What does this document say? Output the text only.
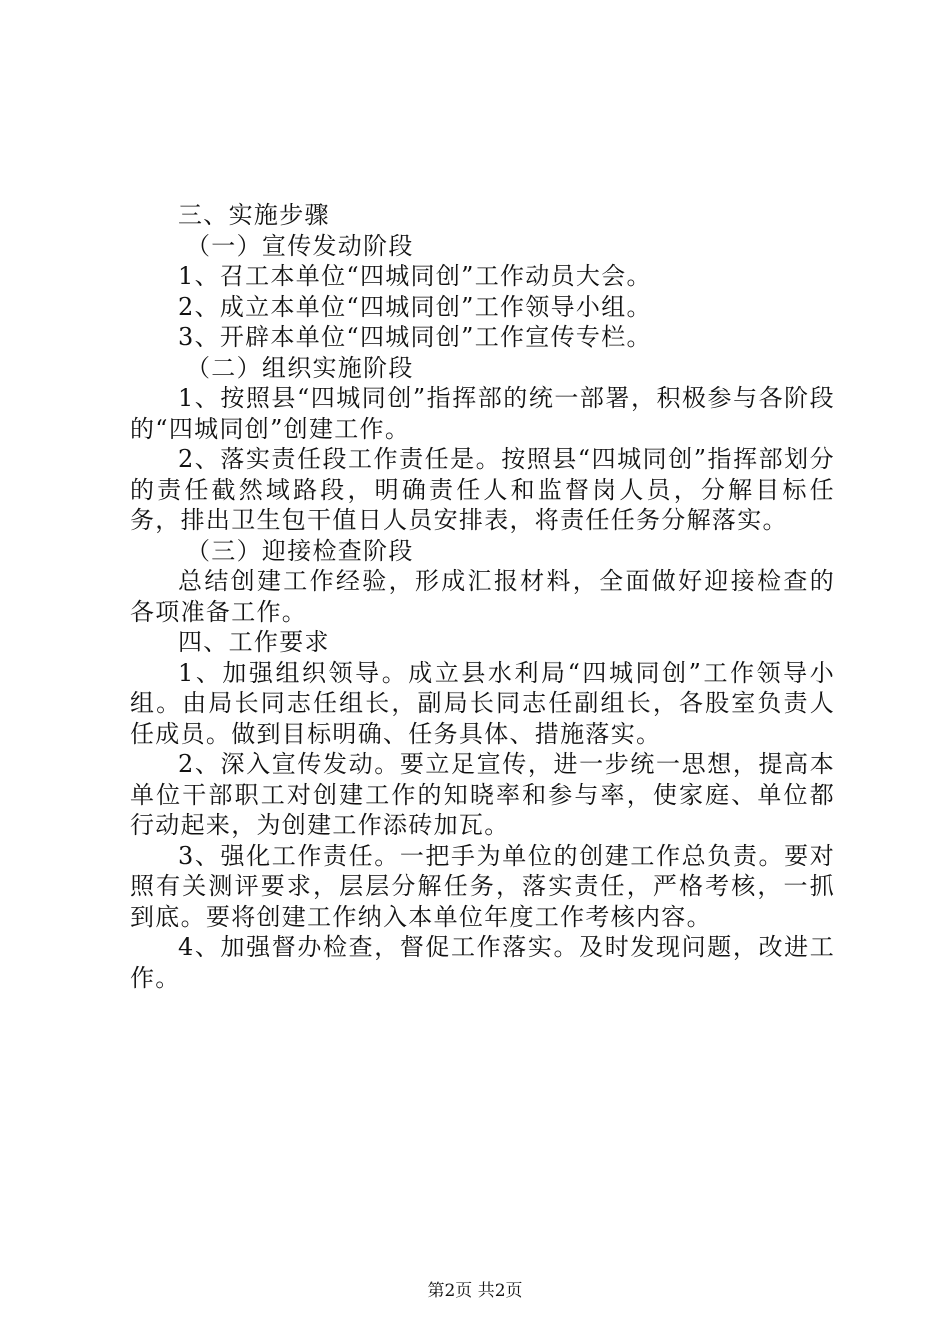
三、实施步骤

（一）宣传发动阶段

1、召工本单位“四城同创”工作动员大会。

2、成立本单位“四城同创”工作领导小组。

3、开辟本单位“四城同创”工作宣传专栏。

（二）组织实施阶段

1、按照县“四城同创”指挥部的统一部署，积极参与各阶段的“四城同创”创建工作。

2、落实责任段工作责任是。按照县“四城同创”指挥部划分的责任截然域路段，明确责任人和监督岗人员，分解目标任务，排出卫生包干值日人员安排表，将责任任务分解落实。

（三）迎接检查阶段

总结创建工作经验，形成汇报材料，全面做好迎接检查的各项准备工作。

四、工作要求

1、加强组织领导。成立县水利局“四城同创”工作领导小组。由局长同志任组长，副局长同志任副组长，各股室负责人任成员。做到目标明确、任务具体、措施落实。

2、深入宣传发动。要立足宣传，进一步统一思想，提高本单位干部职工对创建工作的知晓率和参与率，使家庭、单位都行动起来，为创建工作添砖加瓦。

3、强化工作责任。一把手为单位的创建工作总负责。要对照有关测评要求，层层分解任务，落实责任，严格考核，一抓到底。要将创建工作纳入本单位年度工作考核内容。

4、加强督办检查，督促工作落实。及时发现问题，改进工作。

第2页 共2页
